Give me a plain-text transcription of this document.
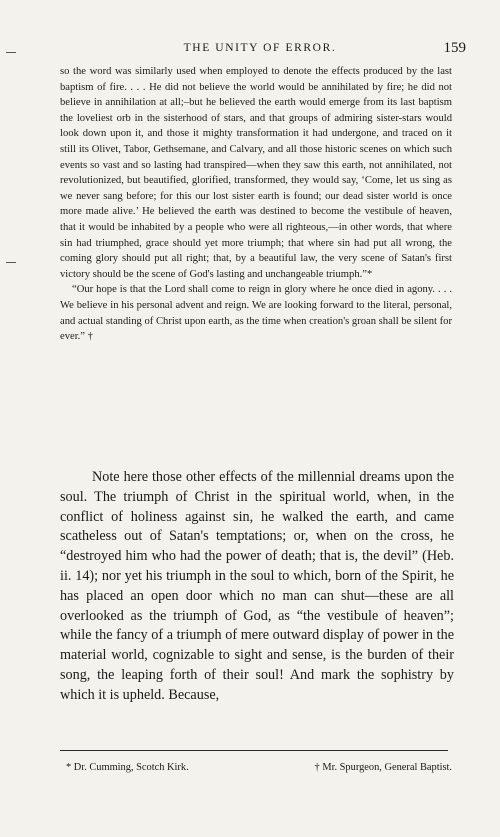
THE UNITY OF ERROR.	159

so the word was similarly used when employed to denote the effects produced by the last baptism of fire. . . . He did not believe the world would be annihilated by fire; he did not believe in annihilation at all;–but he believed the earth would emerge from its last baptism the loveliest orb in the sisterhood of stars, and that groups of admiring sister-stars would look down upon it, and those it mighty transformation it had undergone, and traced on it still its Olivet, Tabor, Gethsemane, and Calvary, and all those historic scenes on which such events so vast and so lasting had transpired—when they saw this earth, not annihilated, not revolutionized, but beautified, glorified, transformed, they would say, ‘Come, let us sing as we never sang before; for this our lost sister earth is found; our dead sister world is once more made alive.’ He believed the earth was destined to become the vestibule of heaven, that it would be inhabited by a people who were all righteous,—in other words, that where sin had triumphed, grace should yet more triumph; that where sin had put all wrong, the coming glory should put all right; that, by a beautiful law, the very scene of Satan's first victory should be the scene of God's lasting and unchangeable triumph.”*

“Our hope is that the Lord shall come to reign in glory where he once died in agony. . . . We believe in his personal advent and reign. We are looking forward to the literal, personal, and actual standing of Christ upon earth, as the time when creation's groan shall be silent for ever.” †

Note here those other effects of the millennial dreams upon the soul. The triumph of Christ in the spiritual world, when, in the conflict of holiness against sin, he walked the earth, and came scatheless out of Satan's temptations; or, when on the cross, he “destroyed him who had the power of death; that is, the devil” (Heb. ii. 14); nor yet his triumph in the soul to which, born of the Spirit, he has placed an open door which no man can shut—these are all overlooked as the triumph of God, as “the vestibule of heaven”; while the fancy of a triumph of mere outward display of power in the material world, cognizable to sight and sense, is the burden of their song, the leaping forth of their soul! And mark the sophistry by which it is upheld. Because,

* Dr. Cumming, Scotch Kirk.	† Mr. Spurgeon, General Baptist.
